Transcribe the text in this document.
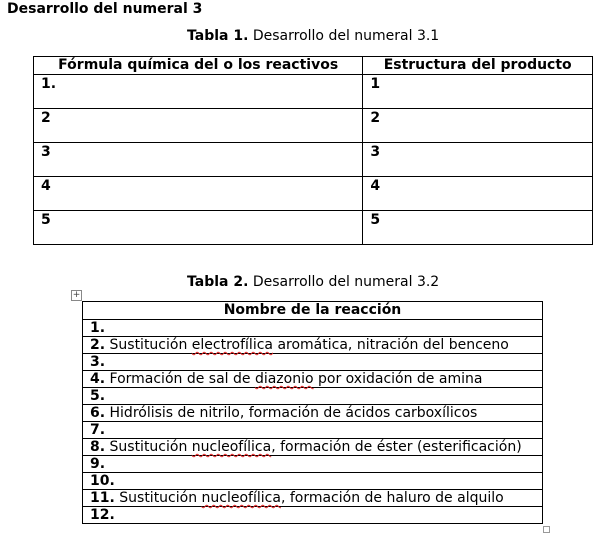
Desarrollo del numeral 3
Tabla 1. Desarrollo del numeral 3.1
Fórmula química del o los reactivos	Estructura del producto
1.	1
2	2
3	3
4	4
5	5
Tabla 2. Desarrollo del numeral 3.2
+
Nombre de la reacción
1.
2. Sustitución electrofílica aromática, nitración del benceno
3.
4. Formación de sal de diazonio por oxidación de amina
5.
6. Hidrólisis de nitrilo, formación de ácidos carboxílicos
7.
8. Sustitución nucleofílica, formación de éster (esterificación)
9.
10.
11. Sustitución nucleofílica, formación de haluro de alquilo
12.
